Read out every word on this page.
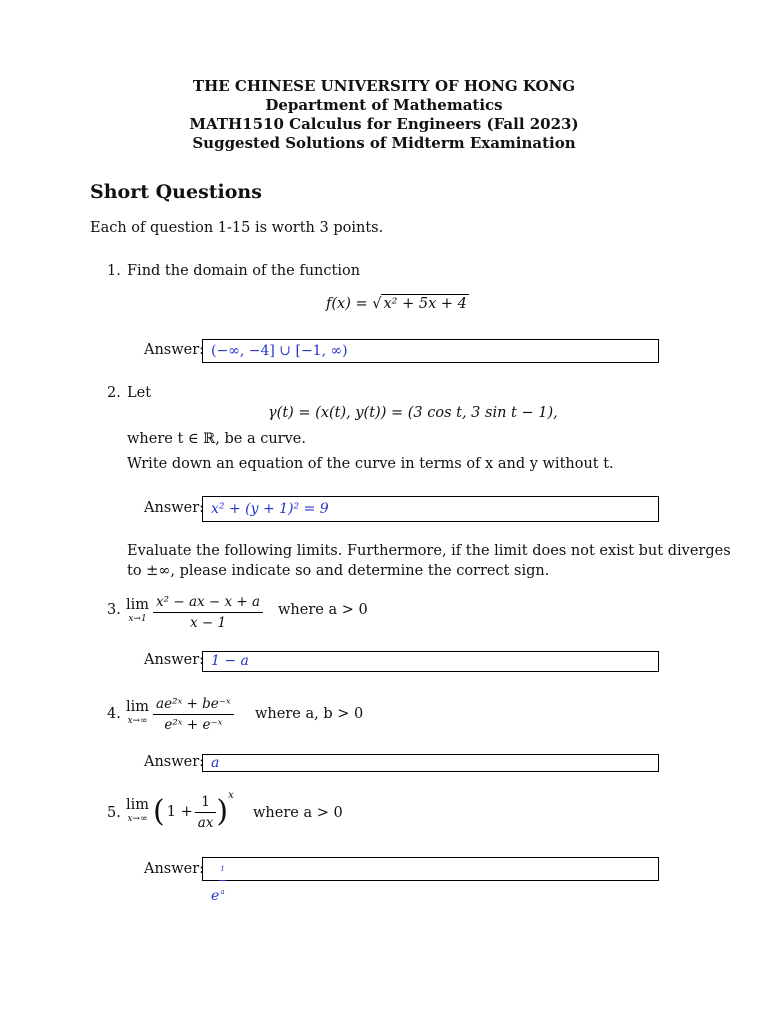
THE CHINESE UNIVERSITY OF HONG KONG
Department of Mathematics
MATH1510 Calculus for Engineers (Fall 2023)
Suggested Solutions of Midterm Examination
Short Questions
Each of question 1-15 is worth 3 points.
1. Find the domain of the function
f(x) = √ x² + 5x + 4
Answer: (−∞, −4] ∪ [−1, ∞)
2. Let
γ(t) = (x(t), y(t)) = (3 cos t, 3 sin t − 1),
where t ∈ ℝ, be a curve.
Write down an equation of the curve in terms of x and y without t.
Answer: x² + (y + 1)² = 9
Evaluate the following limits. Furthermore, if the limit does not exist but diverges
to ±∞, please indicate so and determine the correct sign.
3. lim
$x\to 1 \frac{\text{x² − ax − x + a}}{x - 1}$ where a > 0
Answer: 1 − a
4. lim
$x\to\infty \frac{\text{ae²ˣ + be⁻ˣ}}{\text{e²ˣ + e⁻ˣ}}$ where a, b > 0
Answer: a
5. lim
x→∞ ( $1 + \frac{1}{ax}$ ) x
where a > 0
Answer:
e $\frac{1}{a}$
